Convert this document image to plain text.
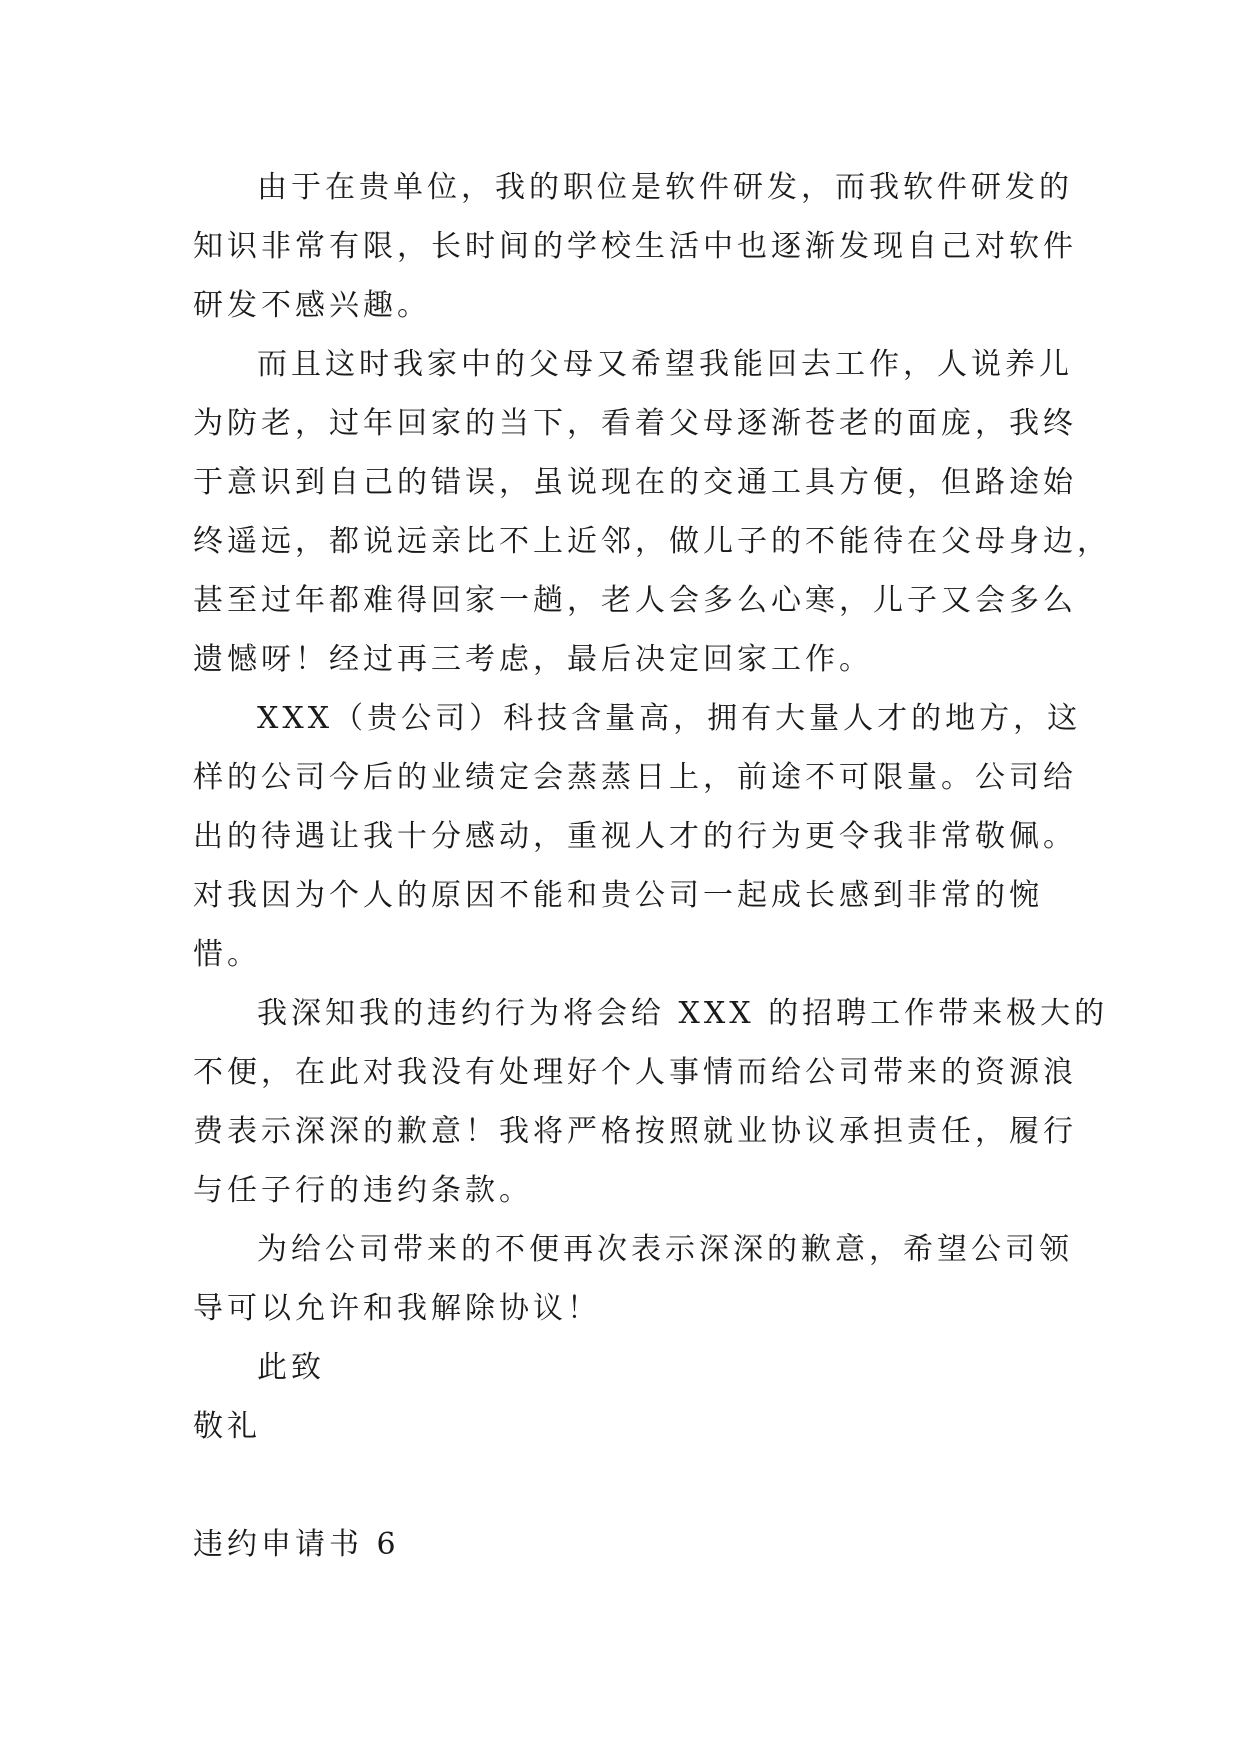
由于在贵单位，我的职位是软件研发，而我软件研发的
知识非常有限，长时间的学校生活中也逐渐发现自己对软件
研发不感兴趣。
而且这时我家中的父母又希望我能回去工作，人说养儿
为防老，过年回家的当下，看着父母逐渐苍老的面庞，我终
于意识到自己的错误，虽说现在的交通工具方便，但路途始
终遥远，都说远亲比不上近邻，做儿子的不能待在父母身边，
甚至过年都难得回家一趟，老人会多么心寒，儿子又会多么
遗憾呀！经过再三考虑，最后决定回家工作。
XXX（贵公司）科技含量高，拥有大量人才的地方，这
样的公司今后的业绩定会蒸蒸日上，前途不可限量。公司给
出的待遇让我十分感动，重视人才的行为更令我非常敬佩。
对我因为个人的原因不能和贵公司一起成长感到非常的惋
惜。
我深知我的违约行为将会给 XXX 的招聘工作带来极大的
不便，在此对我没有处理好个人事情而给公司带来的资源浪
费表示深深的歉意！我将严格按照就业协议承担责任，履行
与任子行的违约条款。
为给公司带来的不便再次表示深深的歉意，希望公司领
导可以允许和我解除协议！
此致
敬礼
违约申请书 6
